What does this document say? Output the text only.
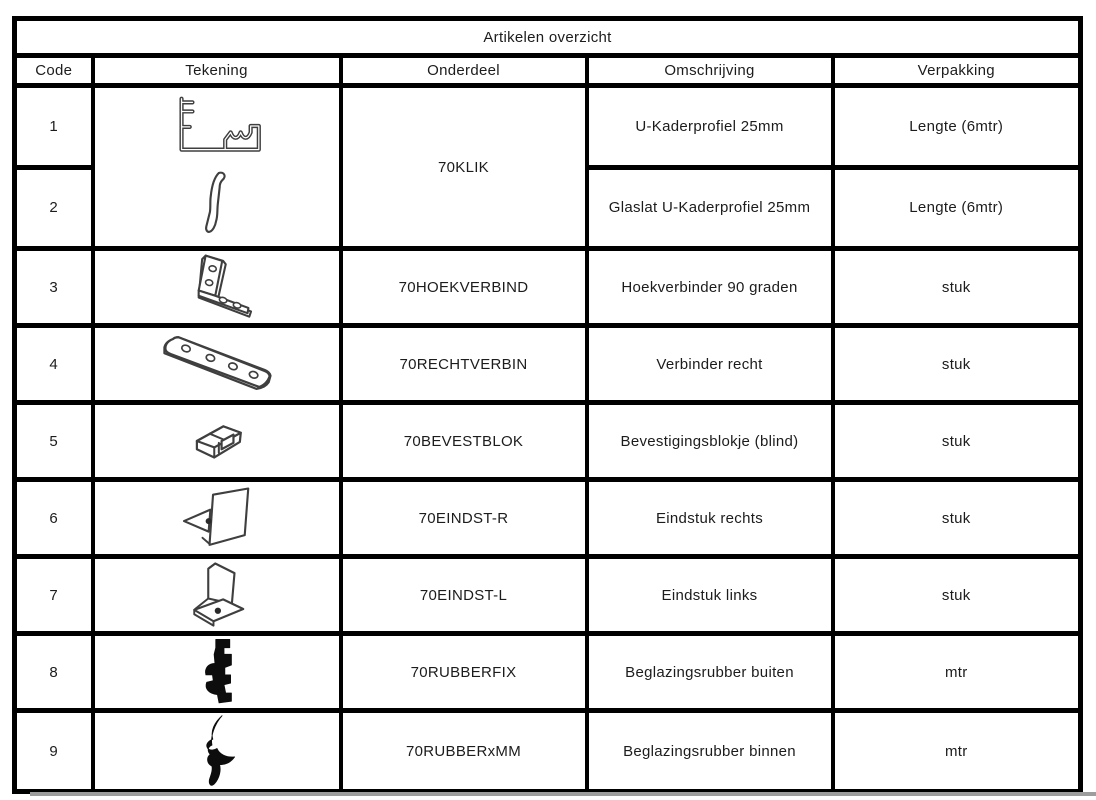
Artikelen overzicht				
Code	Tekening	Onderdeel	Omschrijving	Verpakking
1		70KLIK	U-Kaderprofiel 25mm	Lengte (6mtr)
2			Glaslat U-Kaderprofiel 25mm	Lengte (6mtr)
3		70HOEKVERBIND	Hoekverbinder 90 graden	stuk
4		70RECHTVERBIN	Verbinder recht	stuk
5		70BEVESTBLOK	Bevestigingsblokje (blind)	stuk
6		70EINDST-R	Eindstuk rechts	stuk
7		70EINDST-L	Eindstuk links	stuk
8		70RUBBERFIX	Beglazingsrubber buiten	mtr
9		70RUBBERxMM	Beglazingsrubber binnen	mtr
